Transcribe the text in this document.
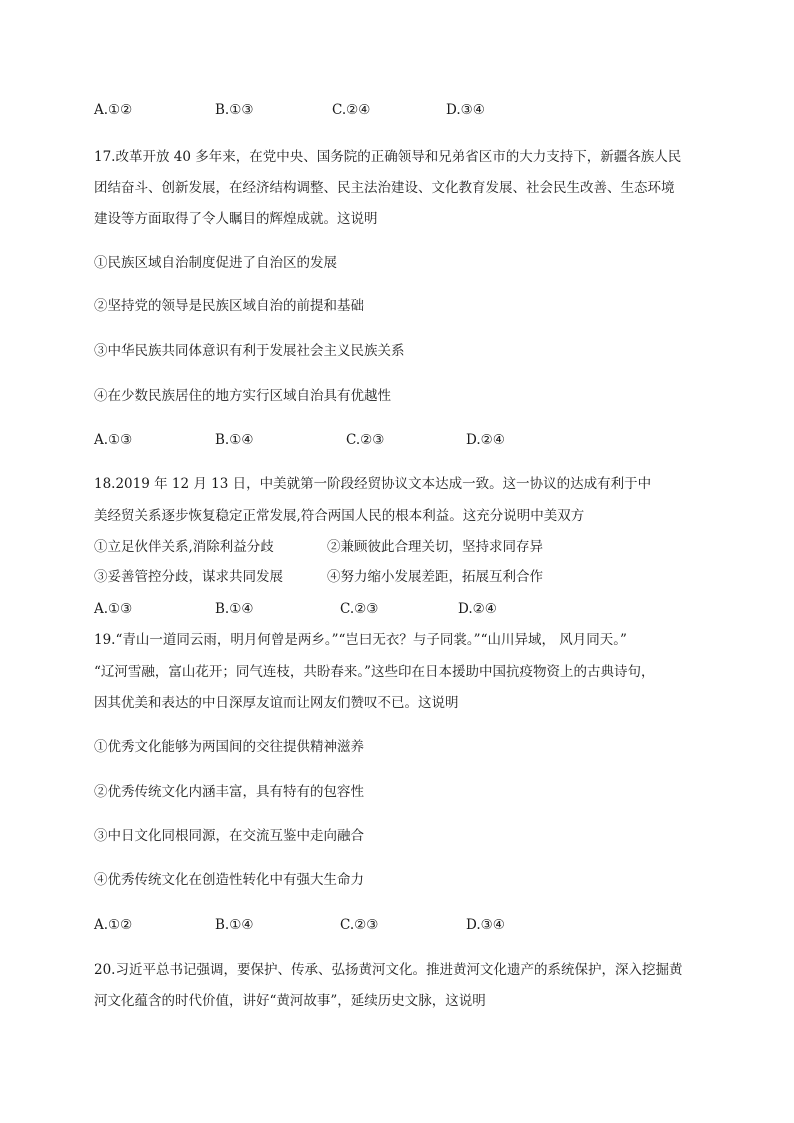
A.①②	B.①③	C.②④	D.③④
17.改革开放 40 多年来，在党中央、国务院的正确领导和兄弟省区市的大力支持下，新疆各族人民
团结奋斗、创新发展，在经济结构调整、民主法治建设、文化教育发展、社会民生改善、生态环境
建设等方面取得了令人瞩目的辉煌成就。这说明
①民族区域自治制度促进了自治区的发展
②坚持党的领导是民族区域自治的前提和基础
③中华民族共同体意识有利于发展社会主义民族关系
④在少数民族居住的地方实行区域自治具有优越性
A.①③	B.①④	C.②③	D.②④
18.2019 年 12 月 13 日，中美就第一阶段经贸协议文本达成一致。这一协议的达成有利于中
美经贸关系逐步恢复稳定正常发展,符合两国人民的根本利益。这充分说明中美双方
①立足伙伴关系,消除利益分歧	②兼顾彼此合理关切，坚持求同存异
③妥善管控分歧，谋求共同发展	④努力缩小发展差距，拓展互利合作
A.①③	B.①④	C.②③	D.②④
19.“青山一道同云雨，明月何曾是两乡。”“岂曰无衣？与子同裳。”“山川异域， 风月同天。”
“辽河雪融，富山花开；同气连枝，共盼春来。”这些印在日本援助中国抗疫物资上的古典诗句，
因其优美和表达的中日深厚友谊而让网友们赞叹不已。这说明
①优秀文化能够为两国间的交往提供精神滋养
②优秀传统文化内涵丰富，具有特有的包容性
③中日文化同根同源，在交流互鉴中走向融合
④优秀传统文化在创造性转化中有强大生命力
A.①②	B.①④	C.②③	D.③④
20.习近平总书记强调，要保护、传承、弘扬黄河文化。推进黄河文化遗产的系统保护，深入挖掘黄
河文化蕴含的时代价值，讲好“黄河故事”，延续历史文脉，这说明
